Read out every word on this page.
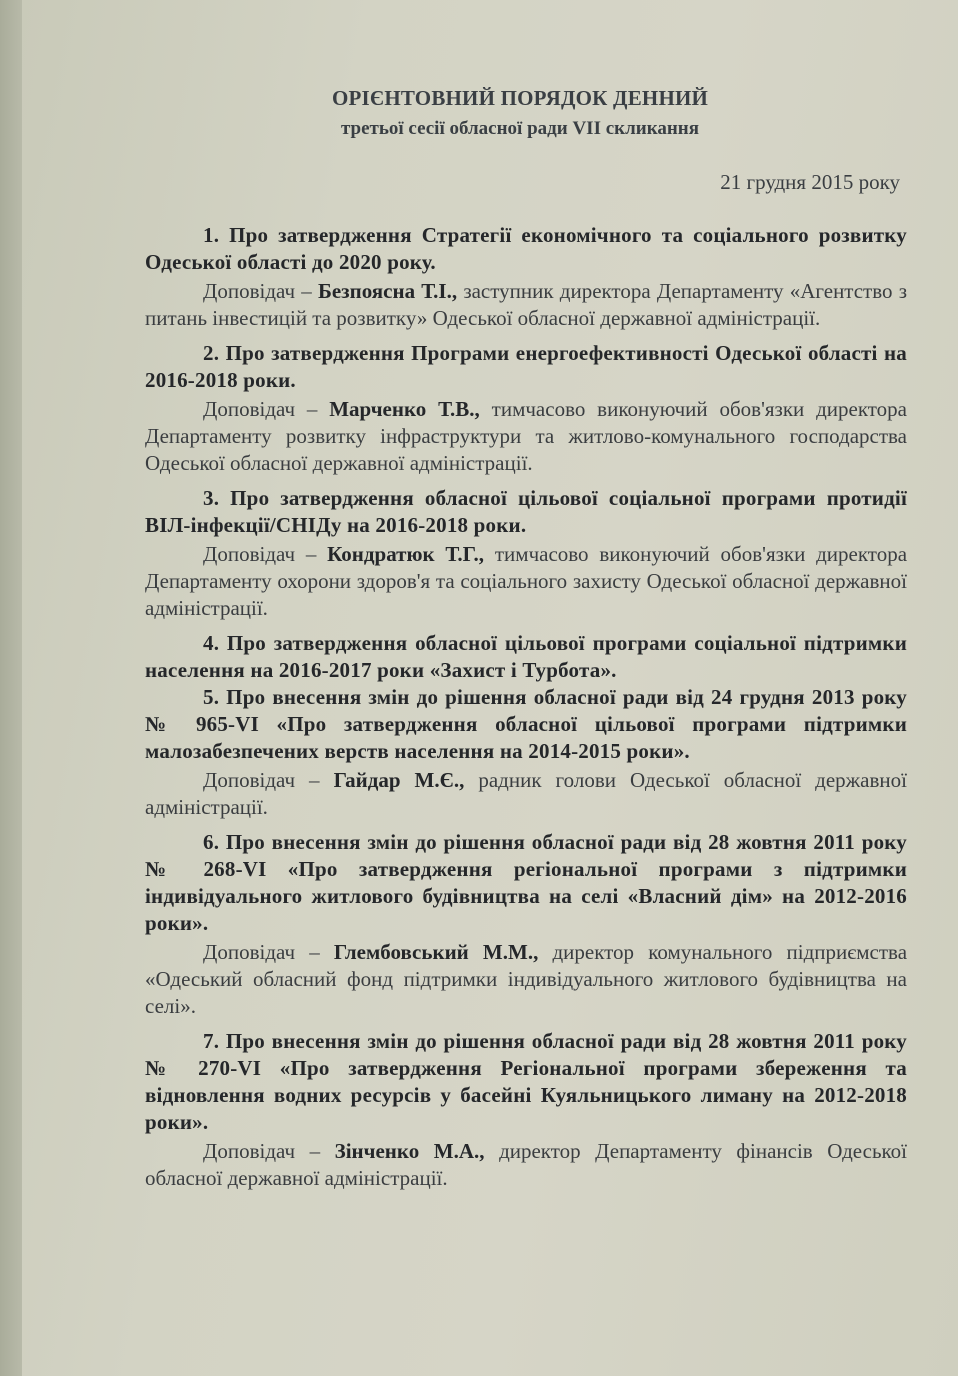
ОРІЄНТОВНИЙ ПОРЯДОК ДЕННИЙ
третьої сесії обласної ради VII скликання
21 грудня 2015 року

1. Про затвердження Стратегії економічного та соціального розвитку Одеської області до 2020 року.

Доповідач – Безпоясна Т.І., заступник директора Департаменту «Агентство з питань інвестицій та розвитку» Одеської обласної державної адміністрації.

2. Про затвердження Програми енергоефективності Одеської області на 2016-2018 роки.

Доповідач – Марченко Т.В., тимчасово виконуючий обов'язки директора Департаменту розвитку інфраструктури та житлово-комунального господарства Одеської обласної державної адміністрації.

3. Про затвердження обласної цільової соціальної програми протидії ВІЛ-інфекції/СНІДу на 2016-2018 роки.

Доповідач – Кондратюк Т.Г., тимчасово виконуючий обов'язки директора Департаменту охорони здоров'я та соціального захисту Одеської обласної державної адміністрації.

4. Про затвердження обласної цільової програми соціальної підтримки населення на 2016-2017 роки «Захист і Турбота».

5. Про внесення змін до рішення обласної ради від 24 грудня 2013 року № 965-VI «Про затвердження обласної цільової програми підтримки малозабезпечених верств населення на 2014-2015 роки».

Доповідач – Гайдар М.Є., радник голови Одеської обласної державної адміністрації.

6. Про внесення змін до рішення обласної ради від 28 жовтня 2011 року № 268-VI «Про затвердження регіональної програми з підтримки індивідуального житлового будівництва на селі «Власний дім» на 2012-2016 роки».

Доповідач – Глембовський М.М., директор комунального підприємства «Одеський обласний фонд підтримки індивідуального житлового будівництва на селі».

7. Про внесення змін до рішення обласної ради від 28 жовтня 2011 року № 270-VI «Про затвердження Регіональної програми збереження та відновлення водних ресурсів у басейні Куяльницького лиману на 2012-2018 роки».

Доповідач – Зінченко М.А., директор Департаменту фінансів Одеської обласної державної адміністрації.
